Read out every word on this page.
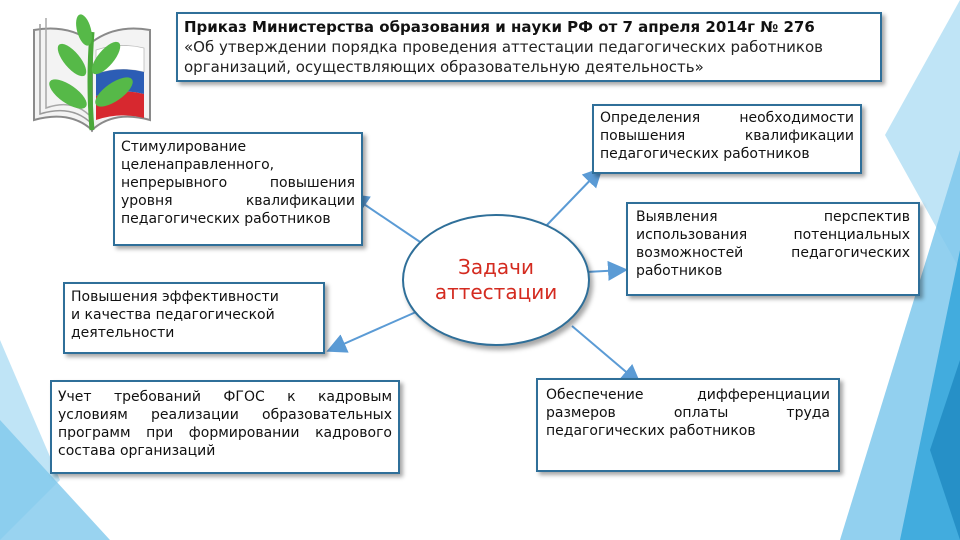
Приказ Министерства образования и науки РФ от 7 апреля 2014г № 276
«Об утверждении порядка проведения аттестации педагогических работников
организаций, осуществляющих образовательную деятельность»
Стимулирование
целенаправленного,
непрерывного повышения
уровня квалификации
педагогических работников
Повышения эффективности
и качества педагогической
деятельности
Учет требований ФГОС к кадровым
условиям реализации образовательных
программ при формировании кадрового
состава организаций
Определения необходимости
повышения квалификации
педагогических работников
Выявления перспектив
использования потенциальных
возможностей педагогических
работников
Обеспечение дифференциации
размеров оплаты труда
педагогических работников
Задачи
аттестации
